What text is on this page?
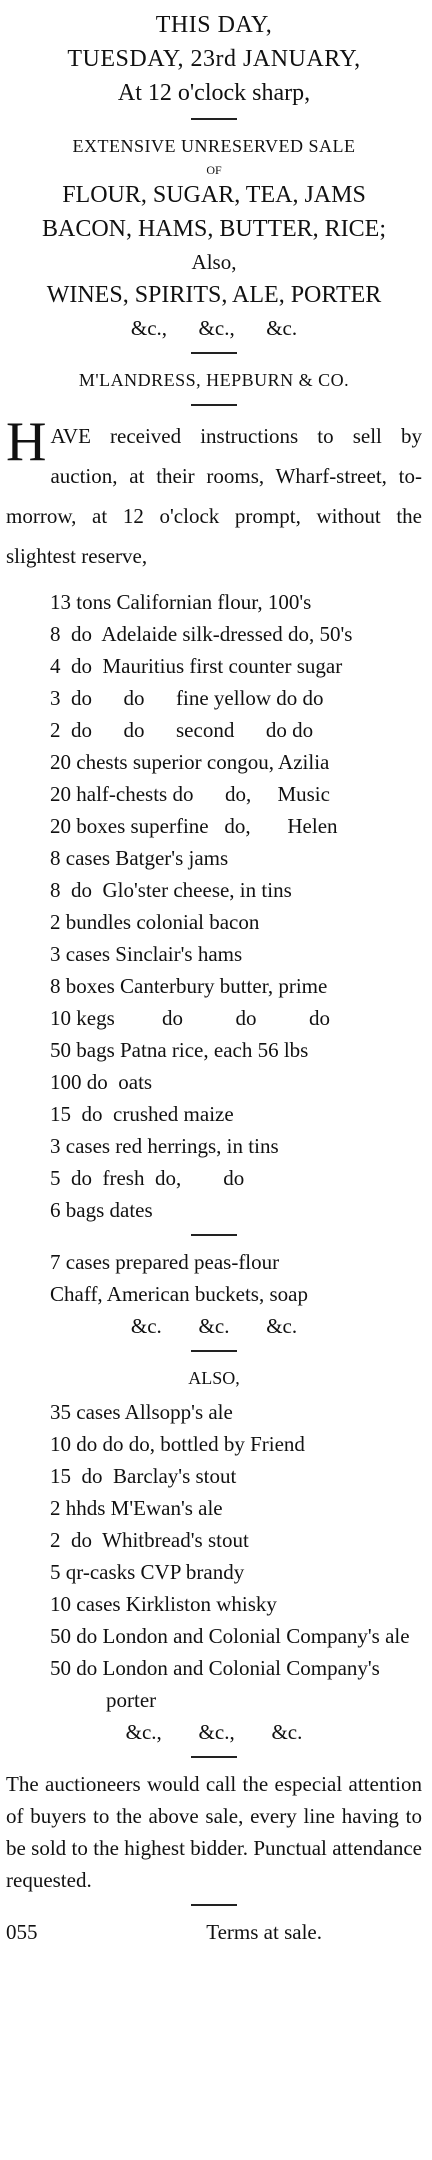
THIS DAY,
TUESDAY, 23rd JANUARY,
At 12 o'clock sharp,
EXTENSIVE UNRESERVED SALE
OF
FLOUR, SUGAR, TEA, JAMS
BACON, HAMS, BUTTER, RICE;
Also,
WINES, SPIRITS, ALE, PORTER
&c.,      &c.,      &c.
M'LANDRESS, HEPBURN & CO.
HAVE received instructions to sell by auction, at their rooms, Wharf-street, to-morrow, at 12 o'clock prompt, without the slightest reserve,
13 tons Californian flour, 100's
8  do  Adelaide silk-dressed do, 50's
4  do  Mauritius first counter sugar
3  do      do      fine yellow do do
2  do      do      second      do do
20 chests superior congou, Azilia
20 half-chests do      do,     Music
20 boxes superfine   do,       Helen
8 cases Batger's jams
8  do  Glo'ster cheese, in tins
2 bundles colonial bacon
3 cases Sinclair's hams
8 boxes Canterbury butter, prime
10 kegs         do          do          do
50 bags Patna rice, each 56 lbs
100 do  oats
15  do  crushed maize
3 cases red herrings, in tins
5  do  fresh  do,        do
6 bags dates
7 cases prepared peas-flour
Chaff, American buckets, soap
&c.       &c.       &c.
ALSO,
35 cases Allsopp's ale
10 do do do, bottled by Friend
15  do  Barclay's stout
2 hhds M'Ewan's ale
2  do  Whitbread's stout
5 qr-casks CVP brandy
10 cases Kirkliston whisky
50 do London and Colonial Company's ale
50 do London and Colonial Company's porter
&c.,       &c.,       &c.
The auctioneers would call the especial attention of buyers to the above sale, every line having to be sold to the highest bidder. Punctual attendance requested.
055	Terms at sale.
